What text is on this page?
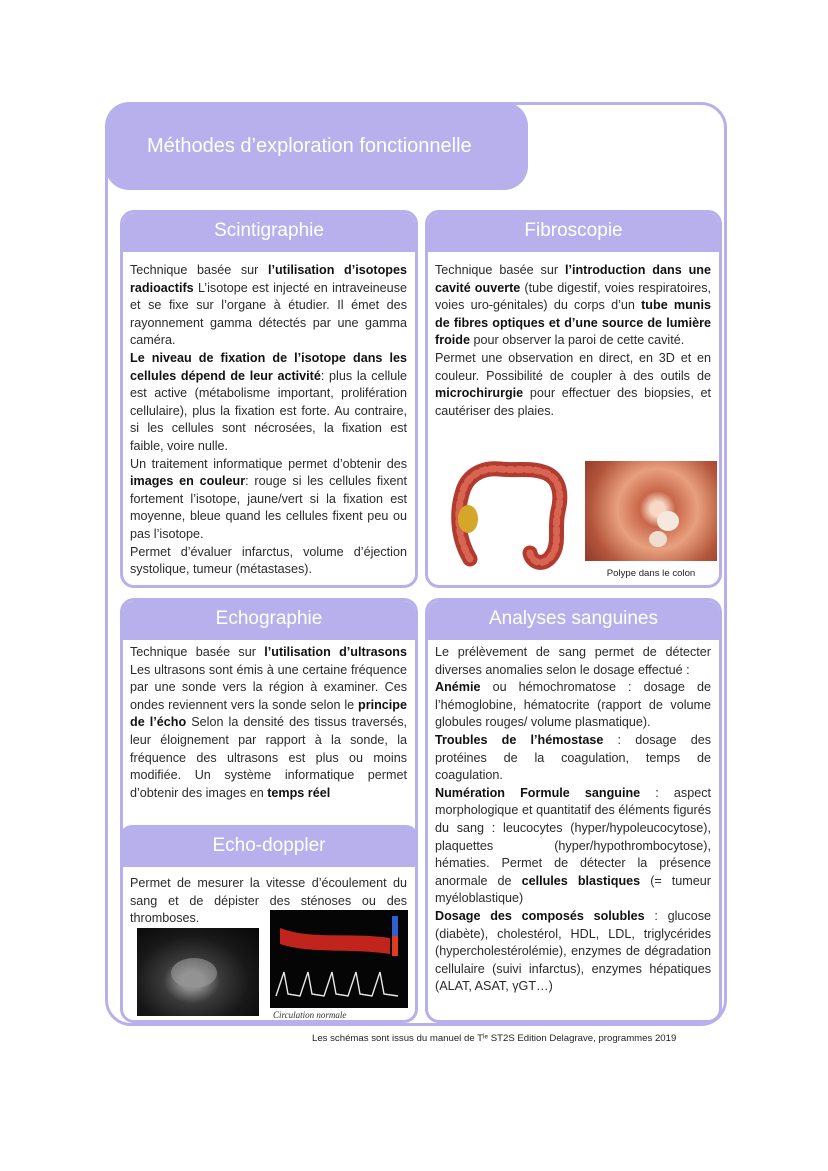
Méthodes d’exploration fonctionnelle
Scintigraphie

Technique basée sur l’utilisation d’isotopes radioactifs L’isotope est injecté en intraveineuse et se fixe sur l’organe à étudier. Il émet des rayonnement gamma détectés par une gamma caméra.

Le niveau de fixation de l’isotope dans les cellules dépend de leur activité: plus la cellule est active (métabolisme important, prolifération cellulaire), plus la fixation est forte. Au contraire, si les cellules sont nécrosées, la fixation est faible, voire nulle.

Un traitement informatique permet d’obtenir des images en couleur: rouge si les cellules fixent fortement l’isotope, jaune/vert si la fixation est moyenne, bleue quand les cellules fixent peu ou pas l’isotope.

Permet d’évaluer infarctus, volume d’éjection systolique, tumeur (métastases).

Fibroscopie

Technique basée sur l’introduction dans une cavité ouverte (tube digestif, voies respiratoires, voies uro-génitales) du corps d’un tube munis de fibres optiques et d’une source de lumière froide pour observer la paroi de cette cavité.

Permet une observation en direct, en 3D et en couleur. Possibilité de coupler à des outils de microchirurgie pour effectuer des biopsies, et cautériser des plaies.

Polype dans le colon
Echographie

Technique basée sur l’utilisation d’ultrasons Les ultrasons sont émis à une certaine fréquence par une sonde vers la région à examiner. Ces ondes reviennent vers la sonde selon le principe de l’écho Selon la densité des tissus traversés, leur éloignement par rapport à la sonde, la fréquence des ultrasons est plus ou moins modifiée. Un système informatique permet d’obtenir des images en temps réel

Echo-doppler
Permet de mesurer la vitesse d’écoulement du sang et de dépister des sténoses ou des thromboses.
Circulation normale
Analyses sanguines

Le prélèvement de sang permet de détecter diverses anomalies selon le dosage effectué :

Anémie ou hémochromatose : dosage de l’hémoglobine, hématocrite (rapport de volume globules rouges/ volume plasmatique).

Troubles de l’hémostase : dosage des protéines de la coagulation, temps de coagulation.

Numération Formule sanguine : aspect morphologique et quantitatif des éléments figurés du sang : leucocytes (hyper/hypoleucocytose), plaquettes (hyper/hypothrombocytose), hématies. Permet de détecter la présence anormale de cellules blastiques (= tumeur myéloblastique)

Dosage des composés solubles : glucose (diabète), cholestérol, HDL, LDL, triglycérides (hypercholestérolémie), enzymes de dégradation cellulaire (suivi infarctus), enzymes hépatiques (ALAT, ASAT, γGT…)

Les schémas sont issus du manuel de Tˡᵉ ST2S Edition Delagrave, programmes 2019
